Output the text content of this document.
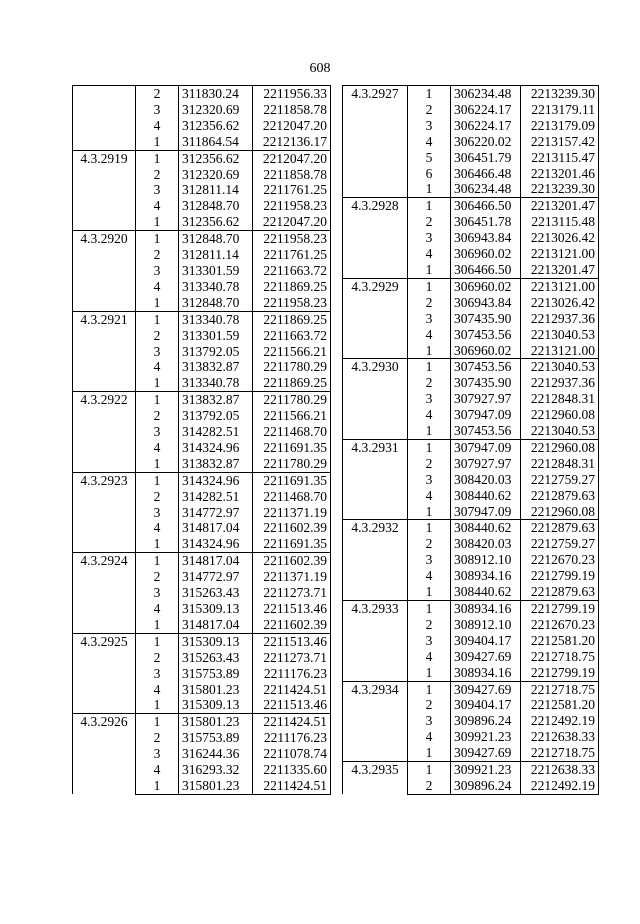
608
	2	311830.24	2211956.33
	3	312320.69	2211858.78
	4	312356.62	2212047.20
	1	311864.54	2212136.17
4.3.2919	1	312356.62	2212047.20
	2	312320.69	2211858.78
	3	312811.14	2211761.25
	4	312848.70	2211958.23
	1	312356.62	2212047.20
4.3.2920	1	312848.70	2211958.23
	2	312811.14	2211761.25
	3	313301.59	2211663.72
	4	313340.78	2211869.25
	1	312848.70	2211958.23
4.3.2921	1	313340.78	2211869.25
	2	313301.59	2211663.72
	3	313792.05	2211566.21
	4	313832.87	2211780.29
	1	313340.78	2211869.25
4.3.2922	1	313832.87	2211780.29
	2	313792.05	2211566.21
	3	314282.51	2211468.70
	4	314324.96	2211691.35
	1	313832.87	2211780.29
4.3.2923	1	314324.96	2211691.35
	2	314282.51	2211468.70
	3	314772.97	2211371.19
	4	314817.04	2211602.39
	1	314324.96	2211691.35
4.3.2924	1	314817.04	2211602.39
	2	314772.97	2211371.19
	3	315263.43	2211273.71
	4	315309.13	2211513.46
	1	314817.04	2211602.39
4.3.2925	1	315309.13	2211513.46
	2	315263.43	2211273.71
	3	315753.89	2211176.23
	4	315801.23	2211424.51
	1	315309.13	2211513.46
4.3.2926	1	315801.23	2211424.51
	2	315753.89	2211176.23
	3	316244.36	2211078.74
	4	316293.32	2211335.60
	1	315801.23	2211424.51
4.3.2927	1	306234.48	2213239.30
	2	306224.17	2213179.11
	3	306224.17	2213179.09
	4	306220.02	2213157.42
	5	306451.79	2213115.47
	6	306466.48	2213201.46
	1	306234.48	2213239.30
4.3.2928	1	306466.50	2213201.47
	2	306451.78	2213115.48
	3	306943.84	2213026.42
	4	306960.02	2213121.00
	1	306466.50	2213201.47
4.3.2929	1	306960.02	2213121.00
	2	306943.84	2213026.42
	3	307435.90	2212937.36
	4	307453.56	2213040.53
	1	306960.02	2213121.00
4.3.2930	1	307453.56	2213040.53
	2	307435.90	2212937.36
	3	307927.97	2212848.31
	4	307947.09	2212960.08
	1	307453.56	2213040.53
4.3.2931	1	307947.09	2212960.08
	2	307927.97	2212848.31
	3	308420.03	2212759.27
	4	308440.62	2212879.63
	1	307947.09	2212960.08
4.3.2932	1	308440.62	2212879.63
	2	308420.03	2212759.27
	3	308912.10	2212670.23
	4	308934.16	2212799.19
	1	308440.62	2212879.63
4.3.2933	1	308934.16	2212799.19
	2	308912.10	2212670.23
	3	309404.17	2212581.20
	4	309427.69	2212718.75
	1	308934.16	2212799.19
4.3.2934	1	309427.69	2212718.75
	2	309404.17	2212581.20
	3	309896.24	2212492.19
	4	309921.23	2212638.33
	1	309427.69	2212718.75
4.3.2935	1	309921.23	2212638.33
	2	309896.24	2212492.19
